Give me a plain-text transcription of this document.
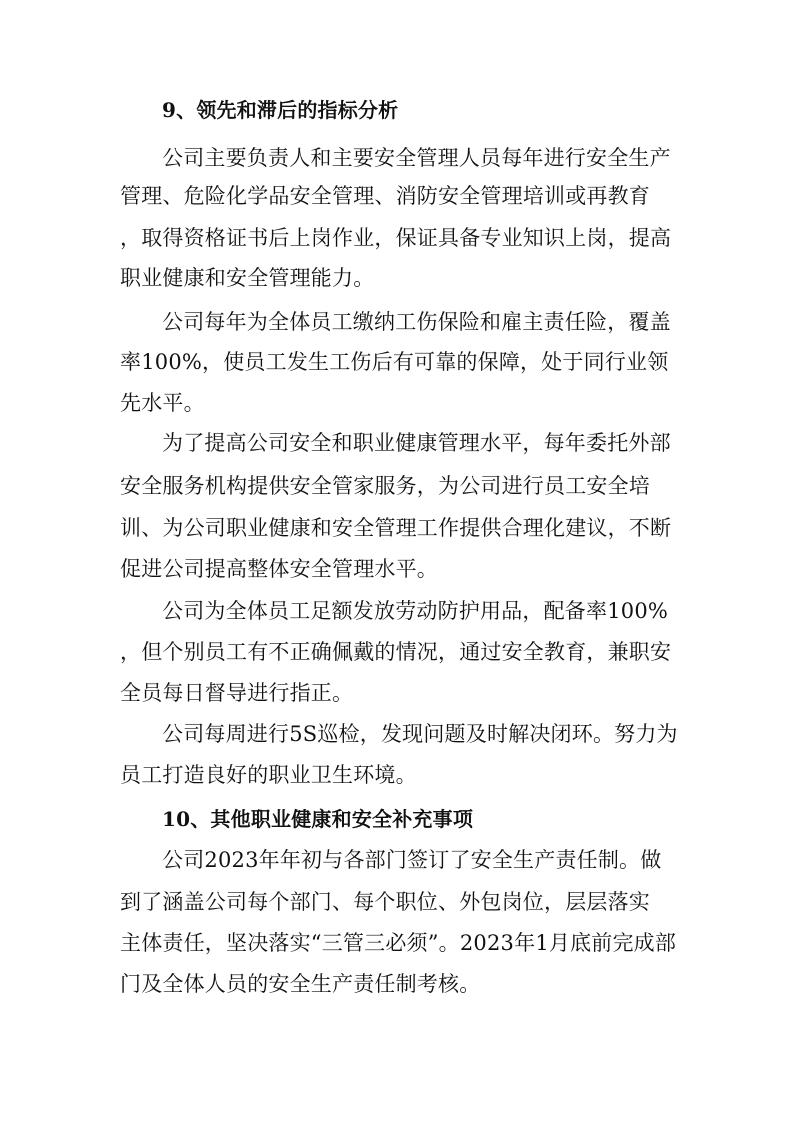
9、领先和滞后的指标分析
公司主要负责人和主要安全管理人员每年进行安全生产
管理、危险化学品安全管理、消防安全管理培训或再教育
，取得资格证书后上岗作业，保证具备专业知识上岗，提高
职业健康和安全管理能力。
公司每年为全体员工缴纳工伤保险和雇主责任险，覆盖
率100%，使员工发生工伤后有可靠的保障，处于同行业领
先水平。
为了提高公司安全和职业健康管理水平，每年委托外部
安全服务机构提供安全管家服务，为公司进行员工安全培
训、为公司职业健康和安全管理工作提供合理化建议，不断
促进公司提高整体安全管理水平。
公司为全体员工足额发放劳动防护用品，配备率100%
，但个别员工有不正确佩戴的情况，通过安全教育，兼职安
全员每日督导进行指正。
公司每周进行5S巡检，发现问题及时解决闭环。努力为
员工打造良好的职业卫生环境。
10、其他职业健康和安全补充事项
公司2023年年初与各部门签订了安全生产责任制。做
到了涵盖公司每个部门、每个职位、外包岗位，层层落实
主体责任，坚决落实“三管三必须”。2023年1月底前完成部
门及全体人员的安全生产责任制考核。
